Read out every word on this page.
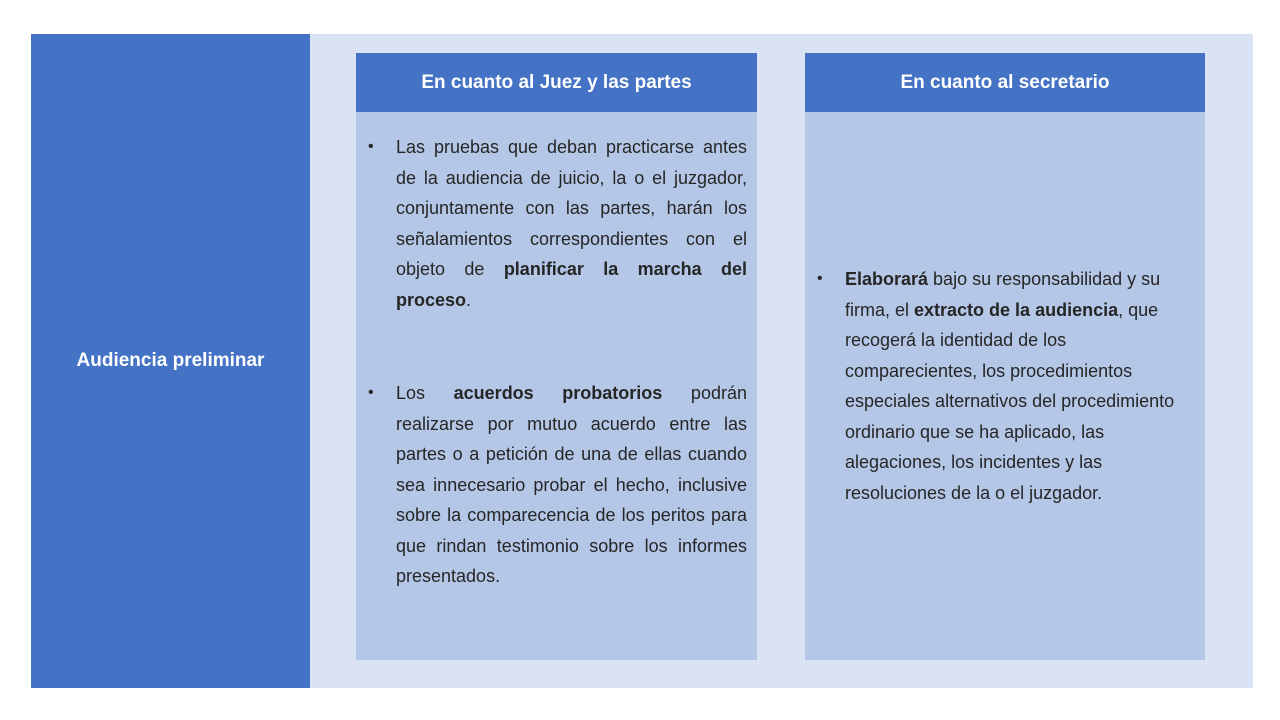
Audiencia preliminar
En cuanto al Juez y las partes
• Las pruebas que deban practicarse antes de la audiencia de juicio, la o el juzgador, conjuntamente con las partes, harán los señalamientos correspondientes con el objeto de planificar la marcha del proceso.
• Los acuerdos probatorios podrán realizarse por mutuo acuerdo entre las partes o a petición de una de ellas cuando sea innecesario probar el hecho, inclusive sobre la comparecencia de los peritos para que rindan testimonio sobre los informes presentados.
En cuanto al secretario
• Elaborará bajo su responsabilidad y su firma, el extracto de la audiencia, que recogerá la identidad de los comparecientes, los procedimientos especiales alternativos del procedimiento ordinario que se ha aplicado, las alegaciones, los incidentes y las resoluciones de la o el juzgador.
